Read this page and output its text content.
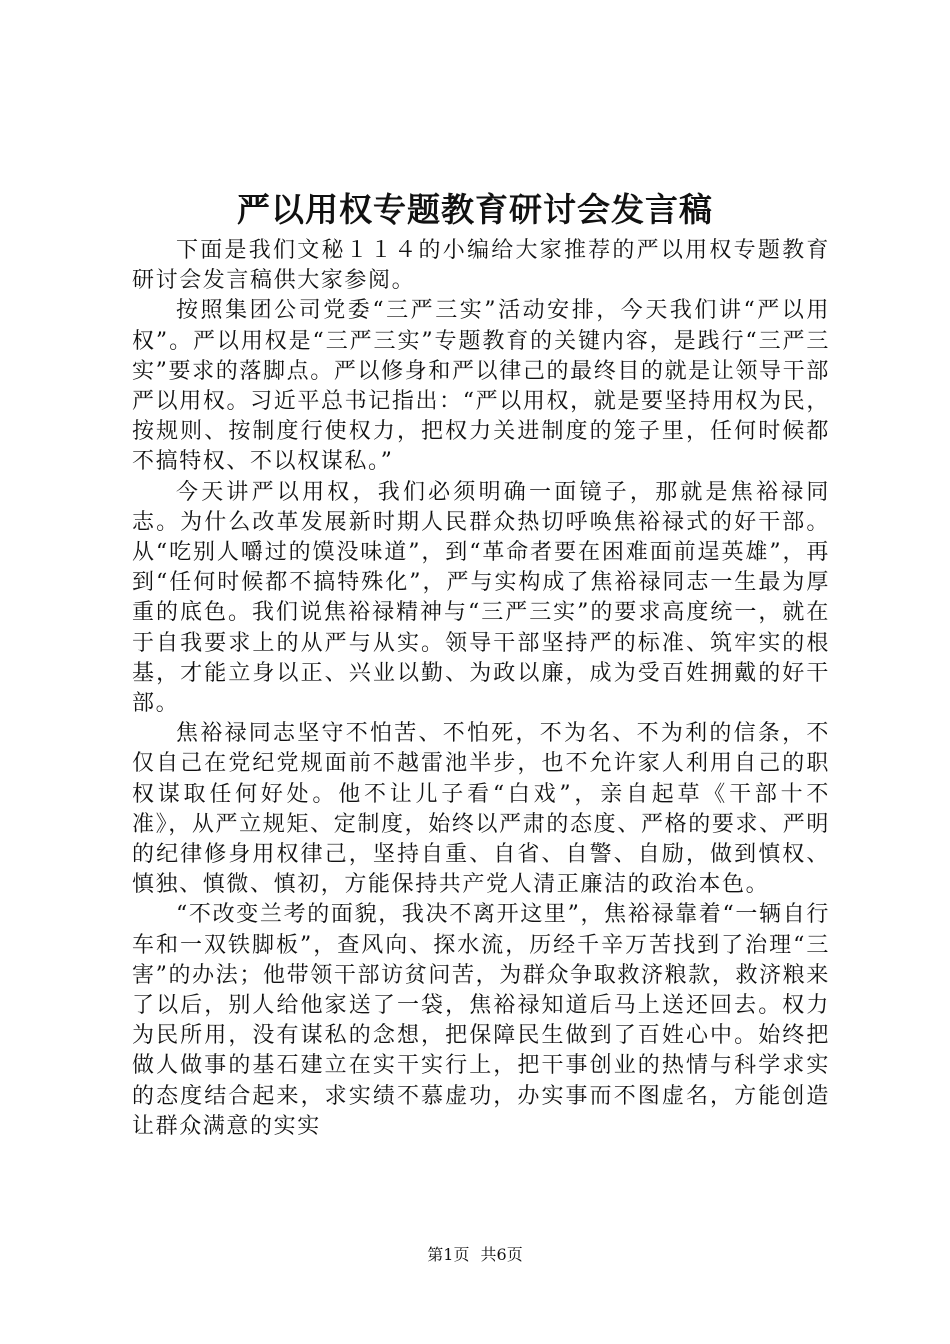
严以用权专题教育研讨会发言稿

下面是我们文秘１１４的小编给大家推荐的严以用权专题教育研讨会发言稿供大家参阅。

按照集团公司党委“三严三实”活动安排，今天我们讲“严以用权”。严以用权是“三严三实”专题教育的关键内容，是践行“三严三实”要求的落脚点。严以修身和严以律己的最终目的就是让领导干部严以用权。习近平总书记指出：“严以用权，就是要坚持用权为民，按规则、按制度行使权力，把权力关进制度的笼子里，任何时候都不搞特权、不以权谋私。”

今天讲严以用权，我们必须明确一面镜子，那就是焦裕禄同志。为什么改革发展新时期人民群众热切呼唤焦裕禄式的好干部。从“吃别人嚼过的馍没味道”，到“革命者要在困难面前逞英雄”，再到“任何时候都不搞特殊化”，严与实构成了焦裕禄同志一生最为厚重的底色。我们说焦裕禄精神与“三严三实”的要求高度统一，就在于自我要求上的从严与从实。领导干部坚持严的标准、筑牢实的根基，才能立身以正、兴业以勤、为政以廉，成为受百姓拥戴的好干部。

焦裕禄同志坚守不怕苦、不怕死，不为名、不为利的信条，不仅自己在党纪党规面前不越雷池半步，也不允许家人利用自己的职权谋取任何好处。他不让儿子看“白戏”，亲自起草《干部十不准》，从严立规矩、定制度，始终以严肃的态度、严格的要求、严明的纪律修身用权律己，坚持自重、自省、自警、自励，做到慎权、慎独、慎微、慎初，方能保持共产党人清正廉洁的政治本色。

“不改变兰考的面貌，我决不离开这里”，焦裕禄靠着“一辆自行车和一双铁脚板”，查风向、探水流，历经千辛万苦找到了治理“三害”的办法；他带领干部访贫问苦，为群众争取救济粮款，救济粮来了以后，别人给他家送了一袋，焦裕禄知道后马上送还回去。权力为民所用，没有谋私的念想，把保障民生做到了百姓心中。始终把做人做事的基石建立在实干实行上，把干事创业的热情与科学求实的态度结合起来，求实绩不慕虚功，办实事而不图虚名，方能创造让群众满意的实实

第1页 共6页
